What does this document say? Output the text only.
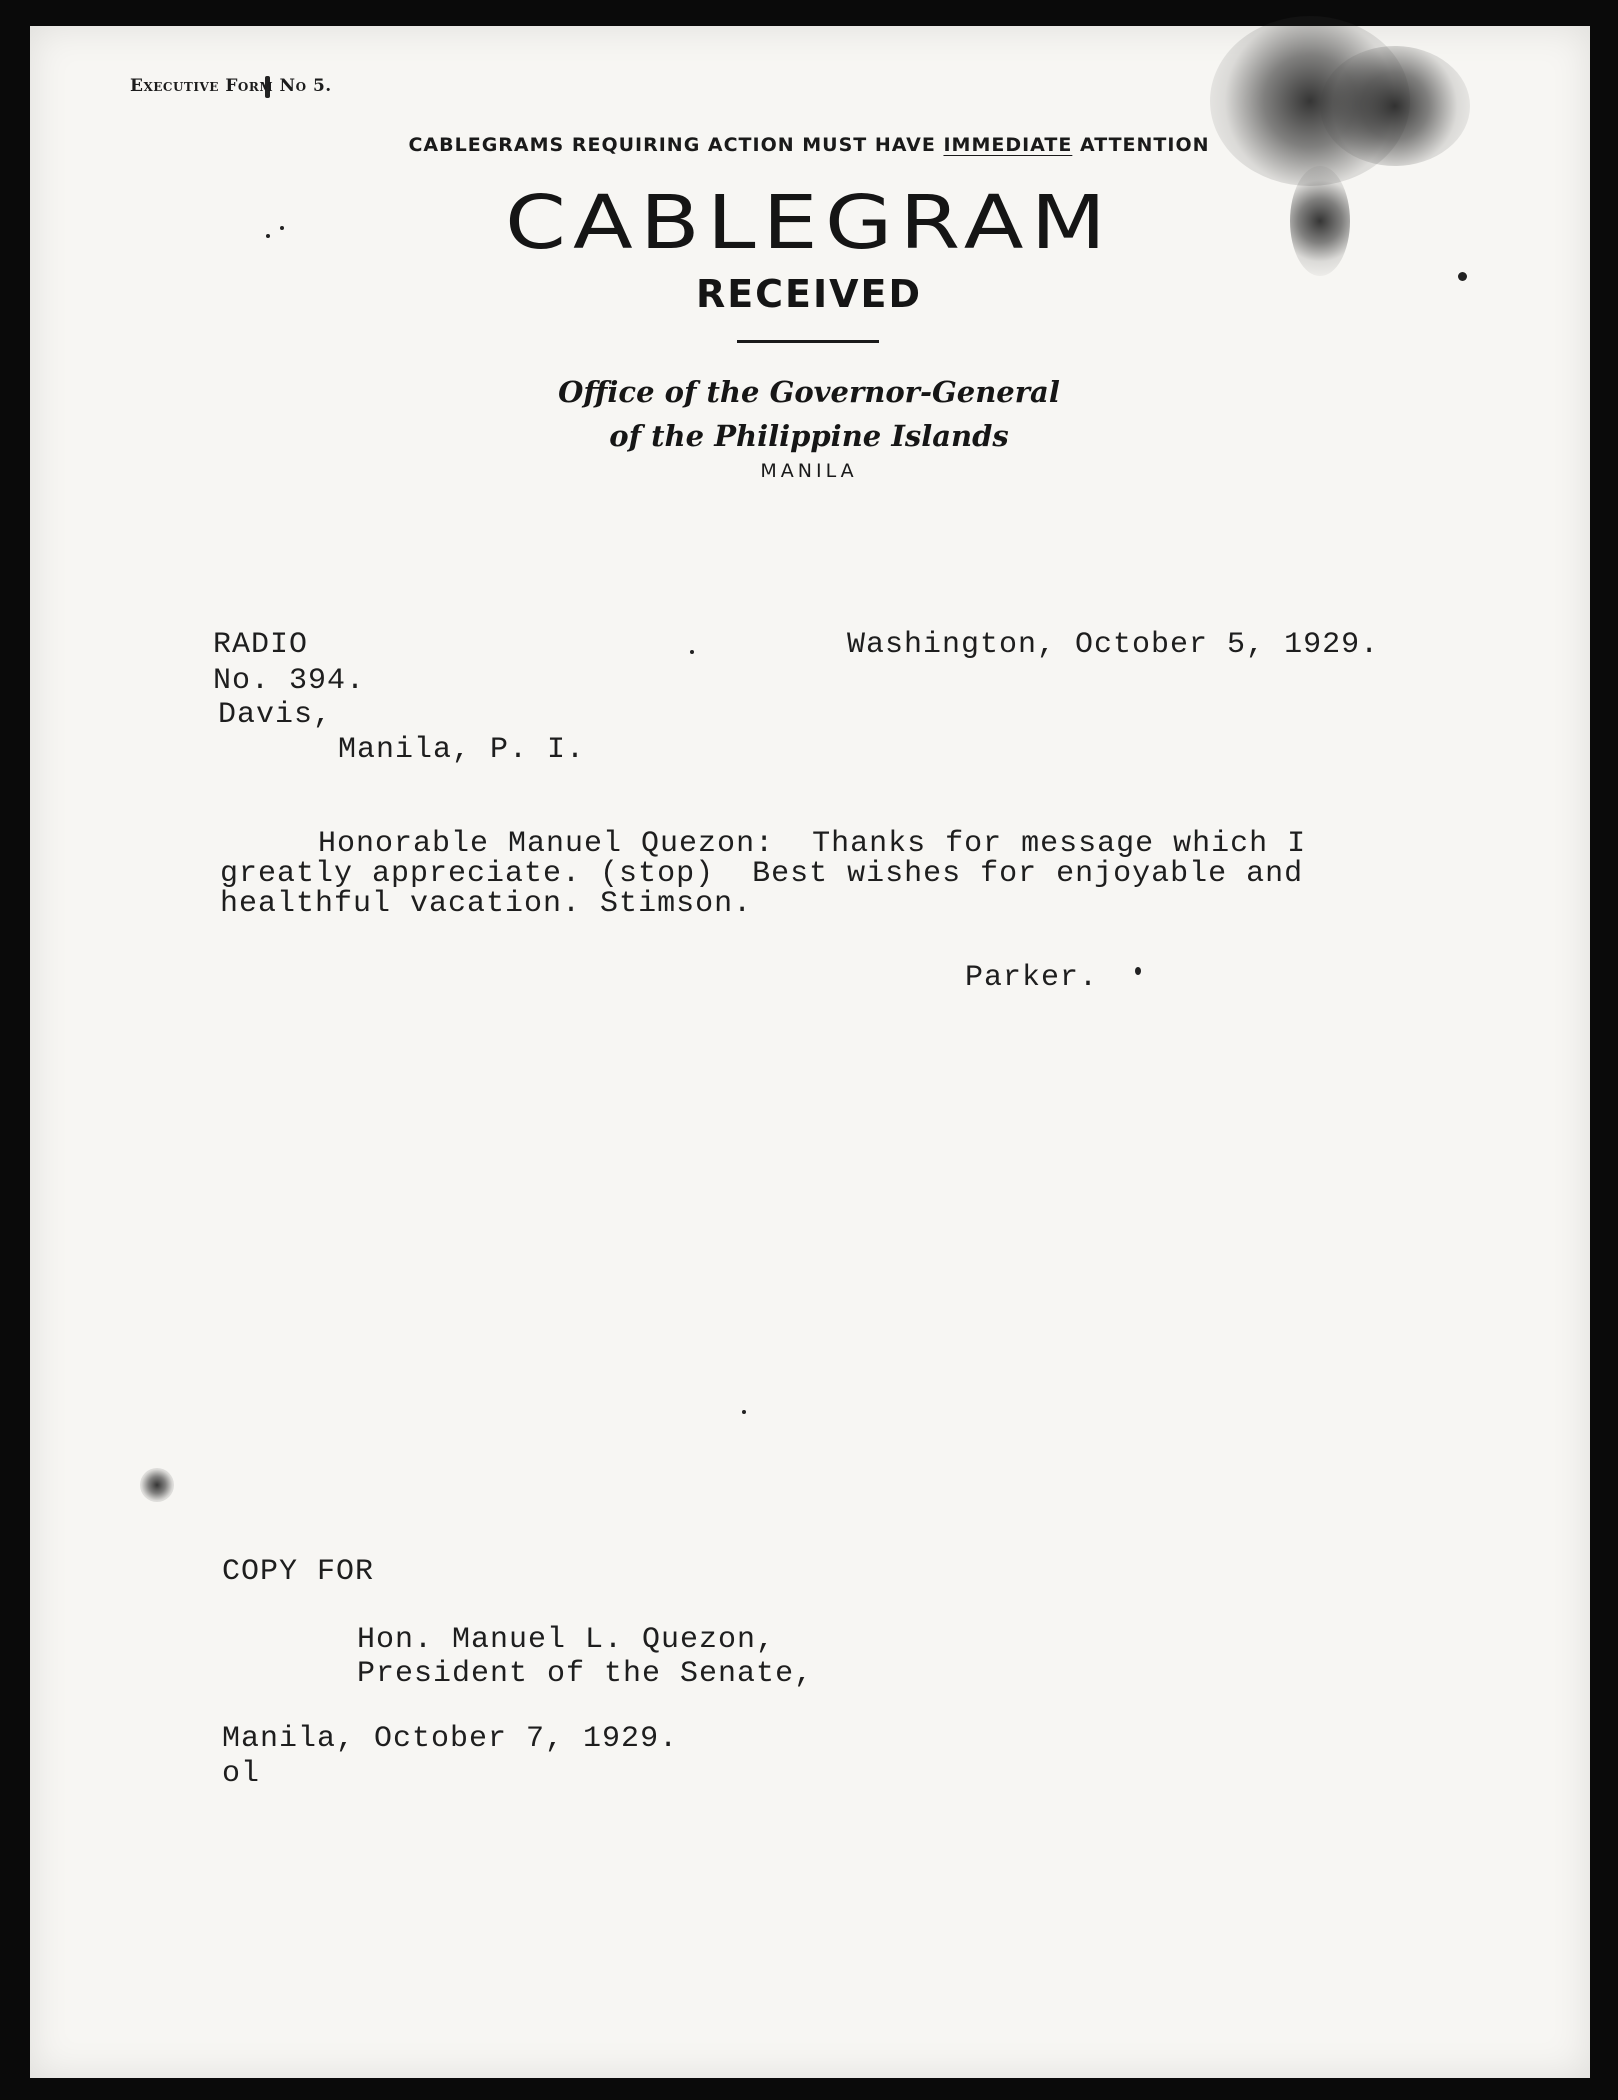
Executive Form No 5.
CABLEGRAMS REQUIRING ACTION MUST HAVE IMMEDIATE ATTENTION
CABLEGRAM
RECEIVED
Office of the Governor-General
of the Philippine Islands
MANILA
RADIO	Washington, October 5, 1929.
No. 394.
Davis,
Manila, P. I.
Honorable Manuel Quezon:  Thanks for message which I
greatly appreciate. (stop)  Best wishes for enjoyable and
healthful vacation. Stimson.
Parker.
COPY FOR
Hon. Manuel L. Quezon,
President of the Senate,
Manila, October 7, 1929.
ol
